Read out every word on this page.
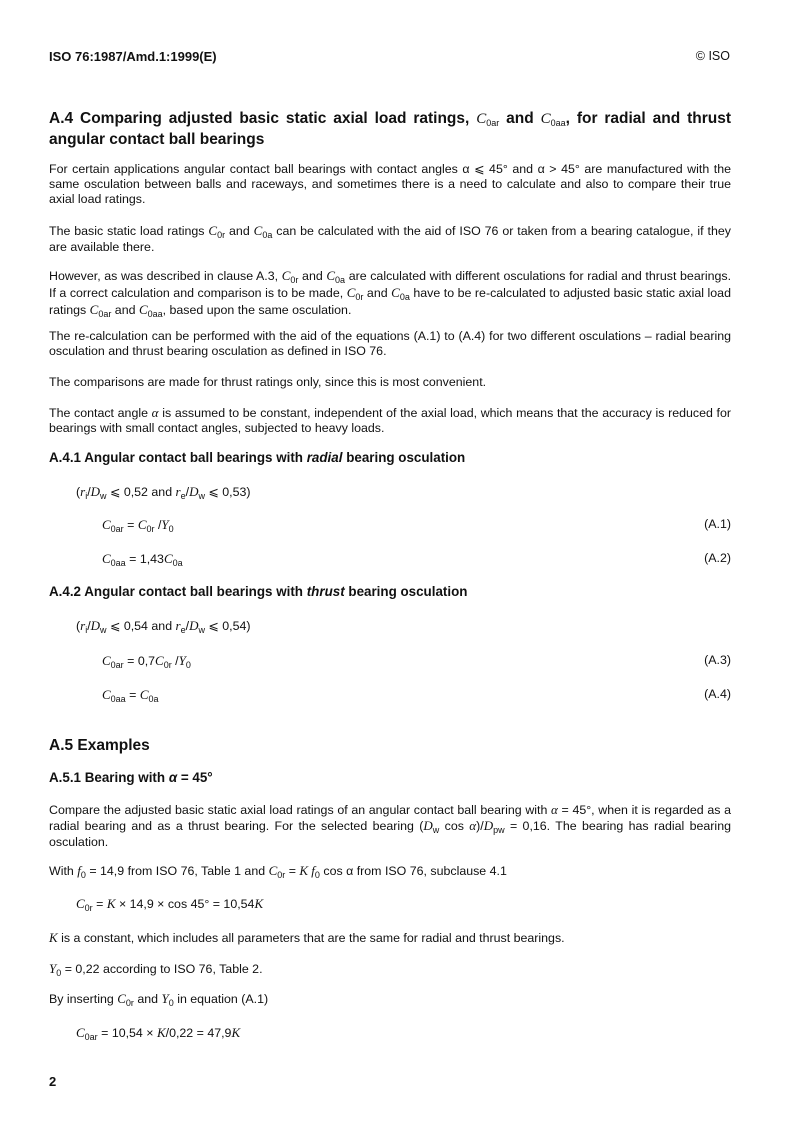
ISO 76:1987/Amd.1:1999(E)	© ISO
A.4 Comparing adjusted basic static axial load ratings, $C_{0ar}$ and $C_{0aa}$, for radial and thrust angular contact ball bearings

For certain applications angular contact ball bearings with contact angles α ⩽ 45° and α > 45° are manufactured with the same osculation between balls and raceways, and sometimes there is a need to calculate and also to compare their true axial load ratings.

The basic static load ratings $C_{0r}$ and $C_{0a}$ can be calculated with the aid of ISO 76 or taken from a bearing catalogue, if they are available there.

However, as was described in clause A.3, $C_{0r}$ and $C_{0a}$ are calculated with different osculations for radial and thrust bearings. If a correct calculation and comparison is to be made, $C_{0r}$ and $C_{0a}$ have to be re-calculated to adjusted basic static axial load ratings $C_{0ar}$ and $C_{0aa}$, based upon the same osculation.

The re-calculation can be performed with the aid of the equations (A.1) to (A.4) for two different osculations – radial bearing osculation and thrust bearing osculation as defined in ISO 76.

The comparisons are made for thrust ratings only, since this is most convenient.

The contact angle α is assumed to be constant, independent of the axial load, which means that the accuracy is reduced for bearings with small contact angles, subjected to heavy loads.

A.4.1 Angular contact ball bearings with radial bearing osculation
($r_i/D_w$ ⩽ 0,52 and $r_e/D_w$ ⩽ 0,53)
$C_{0ar} = C_{0r}$ $/Y_0$	(A.1)
$C_{0aa} = 1,43C_{0a}$	(A.2)
A.4.2 Angular contact ball bearings with thrust bearing osculation
($r_i/D_w$ ⩽ 0,54 and $r_e/D_w$ ⩽ 0,54)
$C_{0ar} = 0,7C_{0r}$ $/Y_0$	(A.3)
$C_{0aa} = C_{0a}$	(A.4)
A.5 Examples
A.5.1 Bearing with α = 45°

Compare the adjusted basic static axial load ratings of an angular contact ball bearing with α = 45°, when it is regarded as a radial bearing and as a thrust bearing. For the selected bearing ($D_w$ $\cos \alpha)/D_{pw} = 0,16$. The bearing has radial bearing osculation.

With $f_0 = 14,9$ from ISO 76, Table 1 and $C_{0r} = K$ $f_0$ cos α from ISO 76, subclause 4.1

$C_{0r} = K \times 14,9 \times \cos 45^\circ = 10,54K$

K is a constant, which includes all parameters that are the same for radial and thrust bearings.

$Y_0 = 0,22$ according to ISO 76, Table 2.

By inserting $C_{0r}$ and $Y_0$ in equation (A.1)

$C_{0ar} = 10,54 \times K/0,22 = 47,9K$
2
